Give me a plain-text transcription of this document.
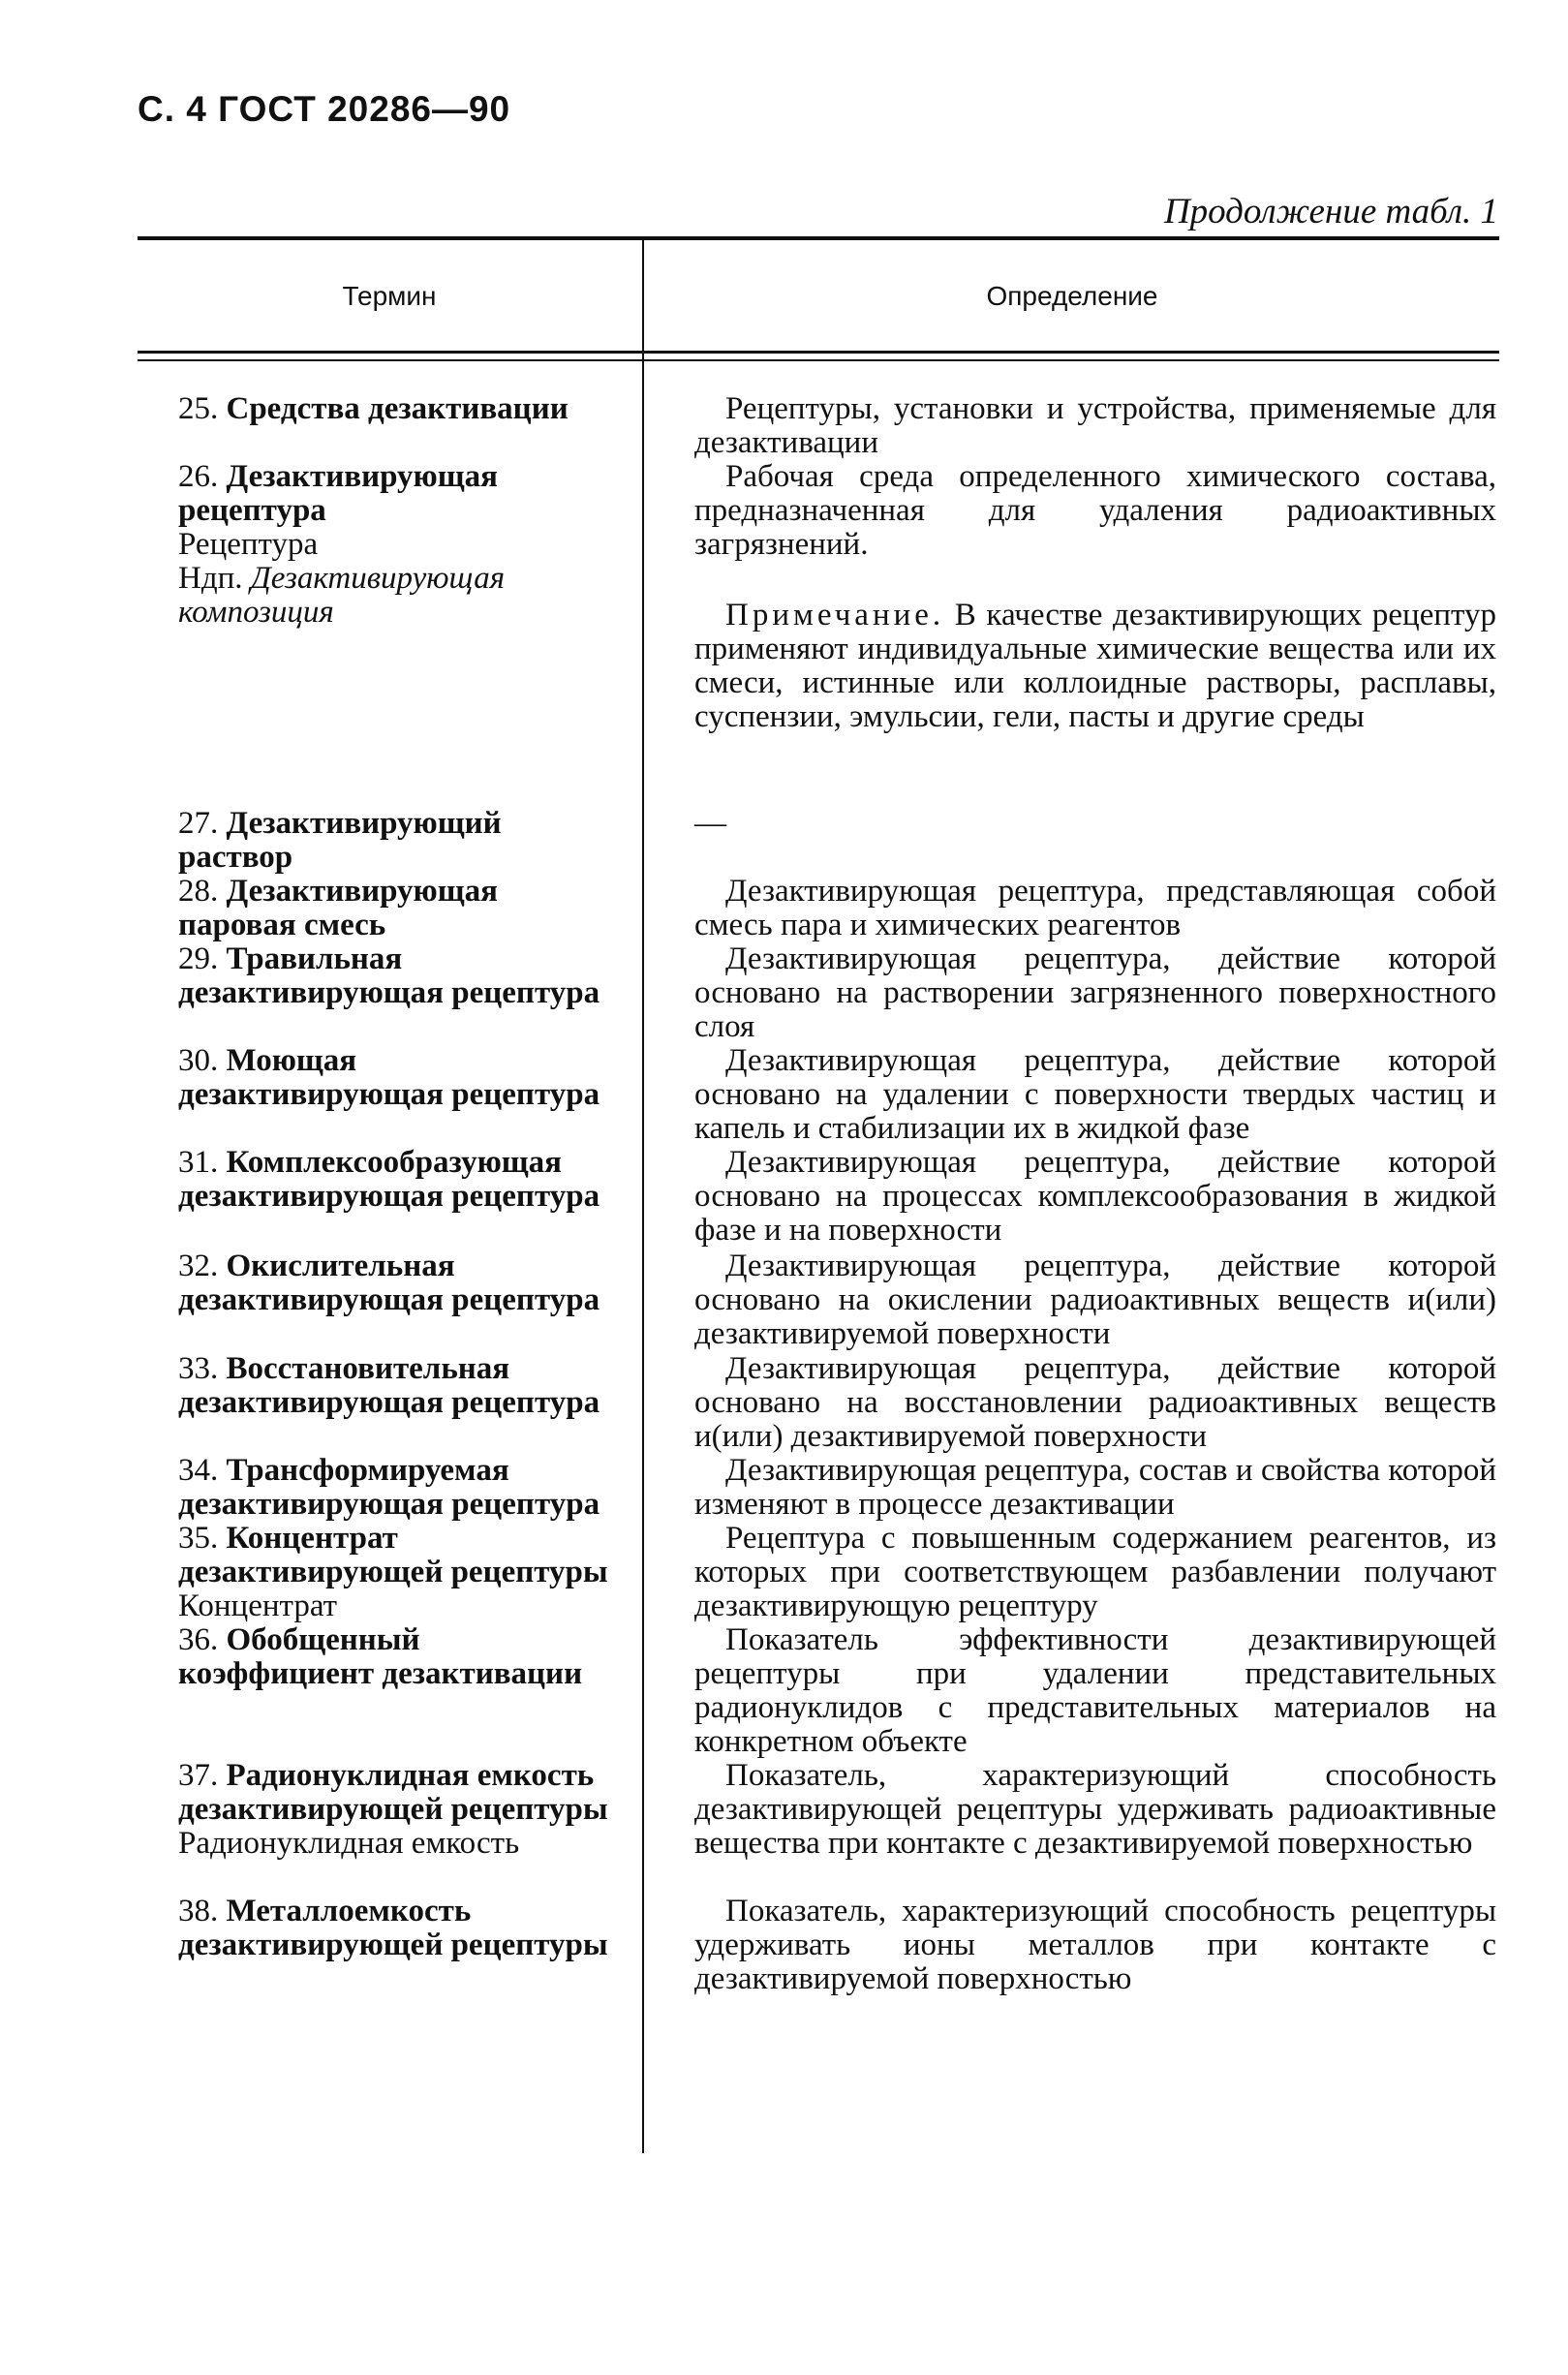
С. 4 ГОСТ 20286—90
Продолжение табл. 1
Термин	Определение
25. Средства дезактивации	Рецептуры, установки и устройства, применяемые для дезактивации
26. Дезактивирующая рецептура
Рецептура
Ндп. Дезактивирующая композиция
Рабочая среда определенного химического состава, предназначенная для удаления радиоактивных загрязнений.
Примечание. В качестве дезактивирующих рецептур применяют индивидуальные химические вещества или их смеси, истинные или коллоидные растворы, расплавы, суспензии, эмульсии, гели, пасты и другие среды
27. Дезактивирующий раствор
—
28. Дезактивирующая паровая смесь
Дезактивирующая рецептура, представляющая собой смесь пара и химических реагентов
29. Травильная дезактивирующая рецептура
Дезактивирующая рецептура, действие которой основано на растворении загрязненного поверхностного слоя
30. Моющая дезактивирующая рецептура
Дезактивирующая рецептура, действие которой основано на удалении с поверхности твердых частиц и капель и стабилизации их в жидкой фазе
31. Комплексообразующая дезактивирующая рецептура
Дезактивирующая рецептура, действие которой основано на процессах комплексообразования в жидкой фазе и на поверхности
32. Окислительная дезактивирующая рецептура
Дезактивирующая рецептура, действие которой основано на окислении радиоактивных веществ и(или) дезактивируемой поверхности
33. Восстановительная дезактивирующая рецептура
Дезактивирующая рецептура, действие которой основано на восстановлении радиоактивных веществ и(или) дезактивируемой поверхности
34. Трансформируемая дезактивирующая рецептура
Дезактивирующая рецептура, состав и свойства которой изменяют в процессе дезактивации
35. Концентрат дезактивирующей рецептуры
Концентрат
Рецептура с повышенным содержанием реагентов, из которых при соответствующем разбавлении получают дезактивирующую рецептуру
36. Обобщенный коэффициент дезактивации
Показатель эффективности дезактивирующей рецептуры при удалении представительных радионуклидов с представительных материалов на конкретном объекте
37. Радионуклидная емкость дезактивирующей рецептуры
Радионуклидная емкость
Показатель, характеризующий способность дезактивирующей рецептуры удерживать радиоактивные вещества при контакте с дезактивируемой поверхностью
38. Металлоемкость дезактивирующей рецептуры
Показатель, характеризующий способность рецептуры удерживать ионы металлов при контакте с дезактивируемой поверхностью
